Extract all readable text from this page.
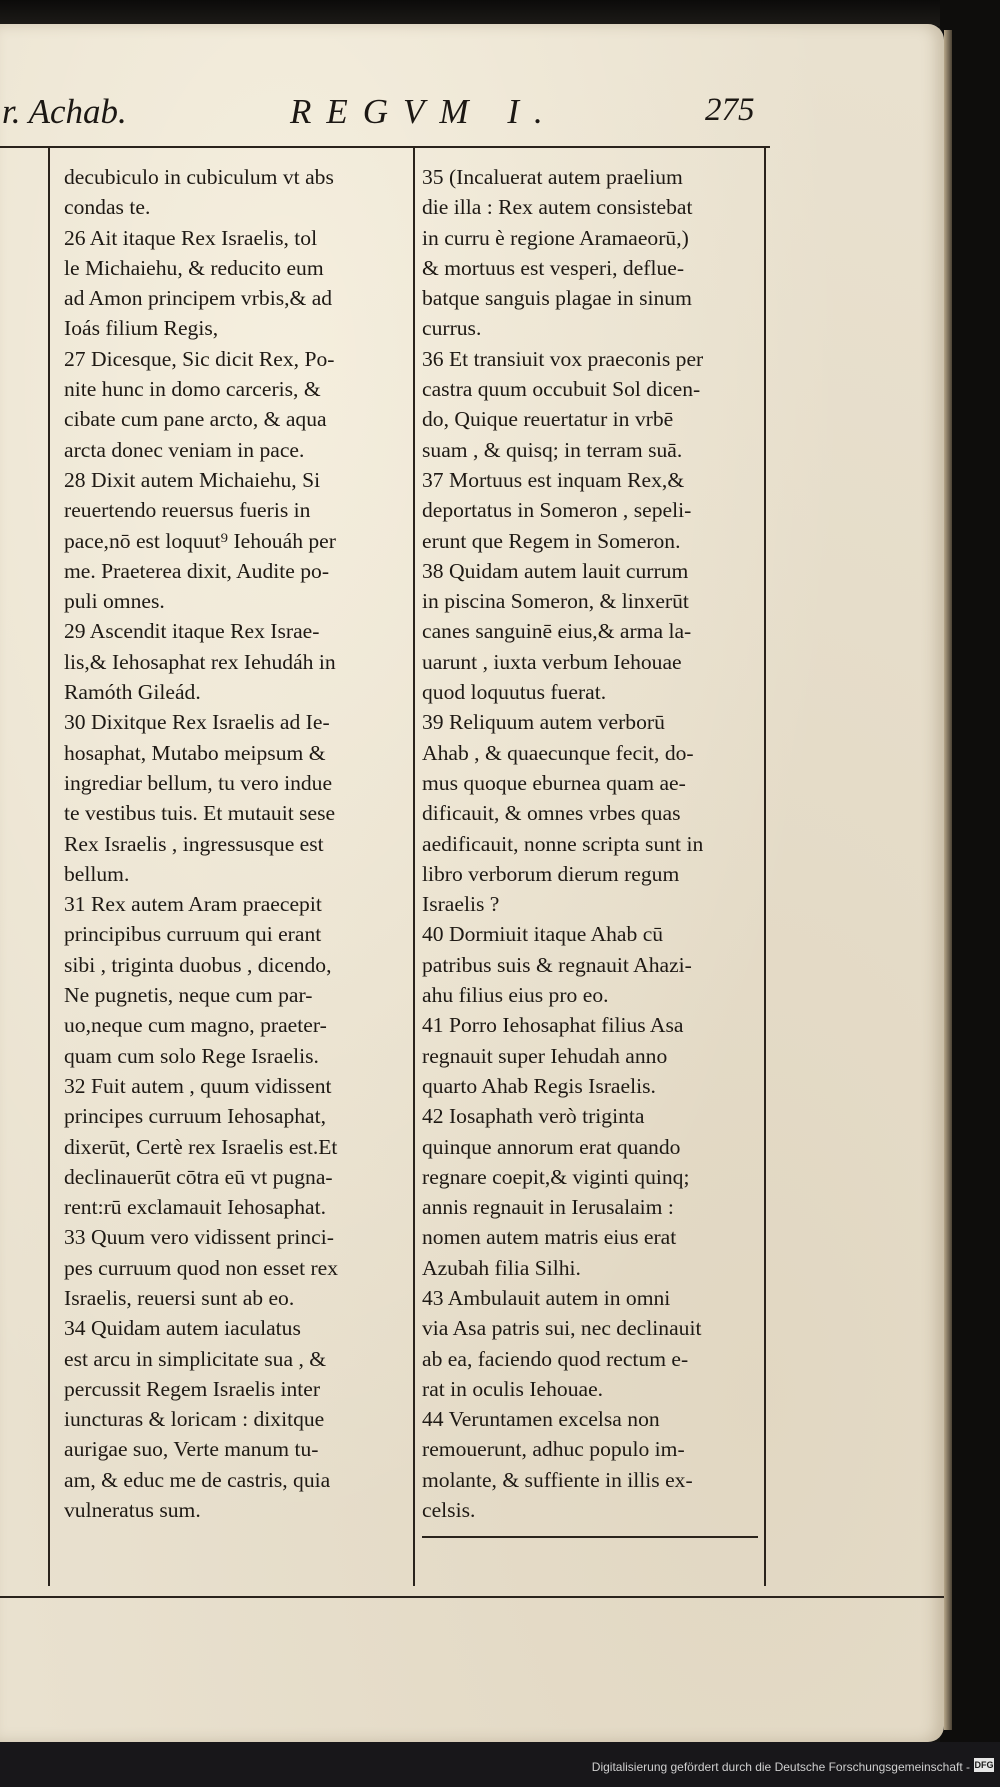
r. Achab.	REGVM I.	275

decubiculo in cubiculum vt abs
condas te.

26 Ait itaque Rex Israelis, tol
le Michaiehu, & reducito eum
ad Amon principem vrbis,& ad
Ioás filium Regis,

27 Dicesque, Sic dicit Rex, Po-
nite hunc in domo carceris, &
cibate cum pane arcto, & aqua
arcta donec veniam in pace.

28 Dixit autem Michaiehu, Si
reuertendo reuersus fueris in
pace,nō est loquut⁹ Iehouáh per
me. Praeterea dixit, Audite po-
puli omnes.

29 Ascendit itaque Rex Israe-
lis,& Iehosaphat rex Iehudáh in
Ramóth Gileád.

30 Dixitque Rex Israelis ad Ie-
hosaphat, Mutabo meipsum &
ingrediar bellum, tu vero indue
te vestibus tuis. Et mutauit sese
Rex Israelis , ingressusque est
bellum.

31 Rex autem Aram praecepit
principibus curruum qui erant
sibi , triginta duobus , dicendo,
Ne pugnetis, neque cum par-
uo,neque cum magno, praeter-
quam cum solo Rege Israelis.

32 Fuit autem , quum vidissent
principes curruum Iehosaphat,
dixerūt, Certè rex Israelis est.Et
declinauerūt cōtra eū vt pugna-
rent:rū exclamauit Iehosaphat.

33 Quum vero vidissent princi-
pes curruum quod non esset rex
Israelis, reuersi sunt ab eo.

34 Quidam autem iaculatus
est arcu in simplicitate sua , &
percussit Regem Israelis inter
iuncturas & loricam : dixitque
aurigae suo, Verte manum tu-
am, & educ me de castris, quia
vulneratus sum.

35 (Incaluerat autem praelium
die illa : Rex autem consistebat
in curru è regione Aramaeorū,)
& mortuus est vesperi, deflue-
batque sanguis plagae in sinum
currus.

36 Et transiuit vox praeconis per
castra quum occubuit Sol dicen-
do, Quique reuertatur in vrbē
suam , & quisq; in terram suā.

37 Mortuus est inquam Rex,&
deportatus in Someron , sepeli-
erunt que Regem in Someron.

38 Quidam autem lauit currum
in piscina Someron, & linxerūt
canes sanguinē eius,& arma la-
uarunt , iuxta verbum Iehouae
quod loquutus fuerat.

39 Reliquum autem verborū
Ahab , & quaecunque fecit, do-
mus quoque eburnea quam ae-
dificauit, & omnes vrbes quas
aedificauit, nonne scripta sunt in
libro verborum dierum regum
Israelis ?

40 Dormiuit itaque Ahab cū
patribus suis & regnauit Ahazi-
ahu filius eius pro eo.

41 Porro Iehosaphat filius Asa
regnauit super Iehudah anno
quarto Ahab Regis Israelis.

42 Iosaphath verò triginta
quinque annorum erat quando
regnare coepit,& viginti quinq;
annis regnauit in Ierusalaim :
nomen autem matris eius erat
Azubah filia Silhi.

43 Ambulauit autem in omni
via Asa patris sui, nec declinauit
ab ea, faciendo quod rectum e-
rat in oculis Iehouae.

44 Veruntamen excelsa non
remouerunt, adhuc populo im-
molante, & suffiente in illis ex-
celsis.

Digitalisierung gefördert durch die Deutsche Forschungsgemeinschaft - DFG
